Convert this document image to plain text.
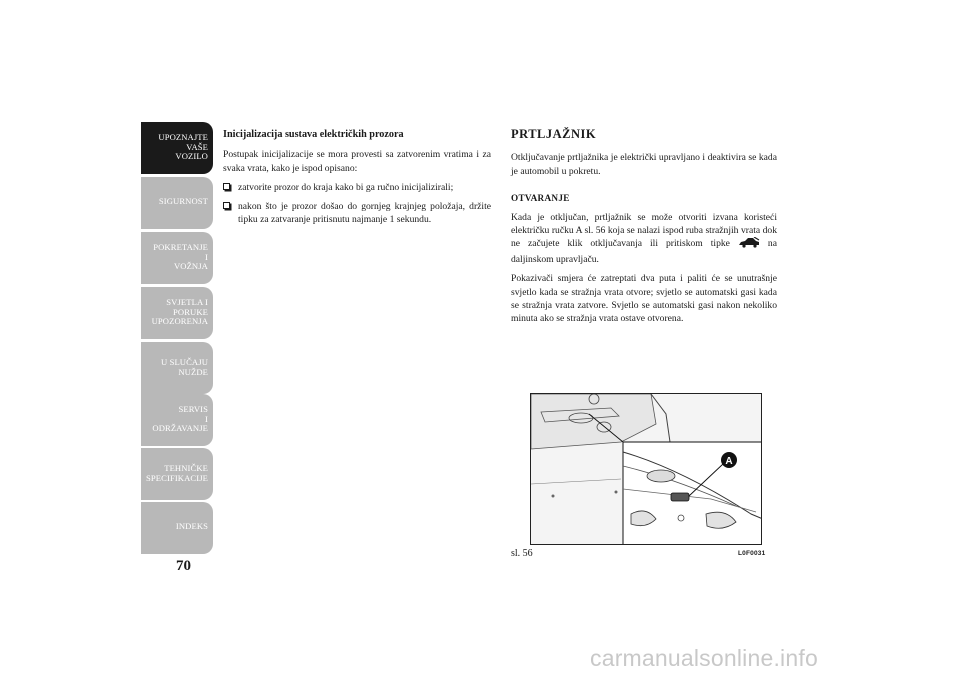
UPOZNAJTE
VAŠE
VOZILO
SIGURNOST
POKRETANJE
I
VOŽNJA
SVJETLA I
PORUKE
UPOZORENJA
U SLUČAJU
NUŽDE
SERVIS
I
ODRŽAVANJE
TEHNIČKE
SPECIFIKACIJE
INDEKS
70
Inicijalizacija sustava električkih prozora

Postupak inicijalizacije se mora provesti sa zatvorenim vratima i za svaka vrata, kako je ispod opisano:

zatvorite prozor do kraja kako bi ga ručno inicijalizirali;
nakon što je prozor došao do gornjeg krajnjeg položaja, držite tipku za zatvaranje pritisnutu najmanje 1 sekundu.
PRTLJAŽNIK

Otključavanje prtljažnika je električki upravljano i deaktivira se kada je automobil u pokretu.

OTVARANJE

Kada je otključan, prtljažnik se može otvoriti izvana koristeći električku ručku A sl. 56 koja se nalazi ispod ruba stražnjih vrata dok ne začujete klik otključavanja ili pritiskom tipke	na daljinskom upravljaču.

Pokazivači smjera će zatreptati dva puta i paliti će se unutrašnje svjetlo kada se stražnja vrata otvore; svjetlo se automatski gasi kada se stražnja vrata zatvore. Svjetlo se automatski gasi nakon nekoliko minuta ako se stražnja vrata ostave otvorena.

A
sl. 56	L0F0031
carmanualsonline.info
